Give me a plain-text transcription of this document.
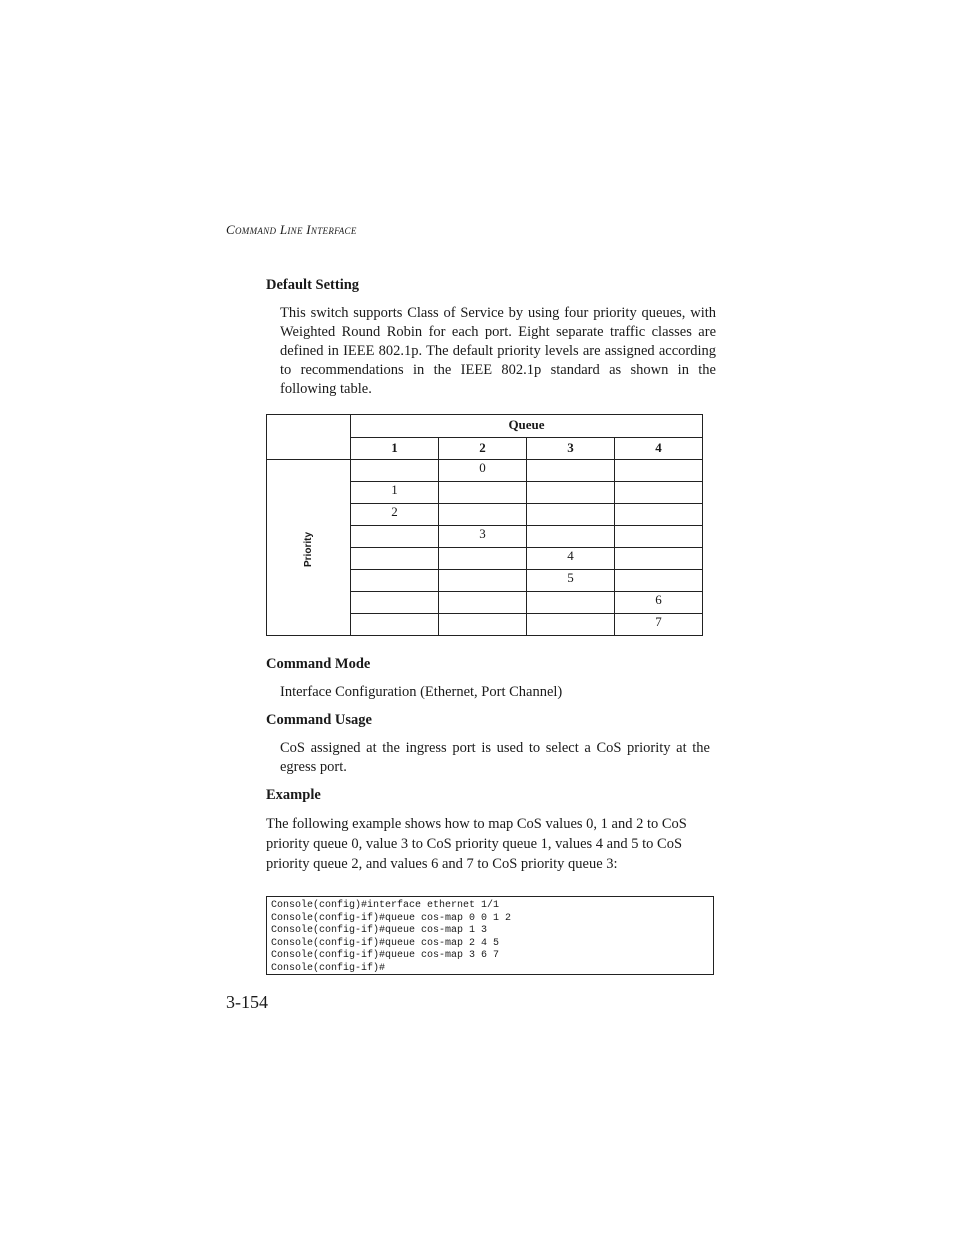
Command Line Interface
Default Setting
This switch supports Class of Service by using four priority queues, with Weighted Round Robin for each port. Eight separate traffic classes are defined in IEEE 802.1p. The default priority levels are assigned according to recommendations in the IEEE 802.1p standard as shown in the following table.
	Queue			
	1	2	3	4
Priority		0		
	1			
	2			
		3		
			4	
			5	
				6
				7
Command Mode
Interface Configuration (Ethernet, Port Channel)
Command Usage
CoS assigned at the ingress port is used to select a CoS priority at the egress port.
Example
The following example shows how to map CoS values 0, 1 and 2 to CoS priority queue 0, value 3 to CoS priority queue 1, values 4 and 5 to CoS priority queue 2, and values 6 and 7 to CoS priority queue 3:
Console(config)#interface ethernet 1/1
Console(config-if)#queue cos-map 0 0 1 2
Console(config-if)#queue cos-map 1 3
Console(config-if)#queue cos-map 2 4 5
Console(config-if)#queue cos-map 3 6 7
Console(config-if)#
3-154
